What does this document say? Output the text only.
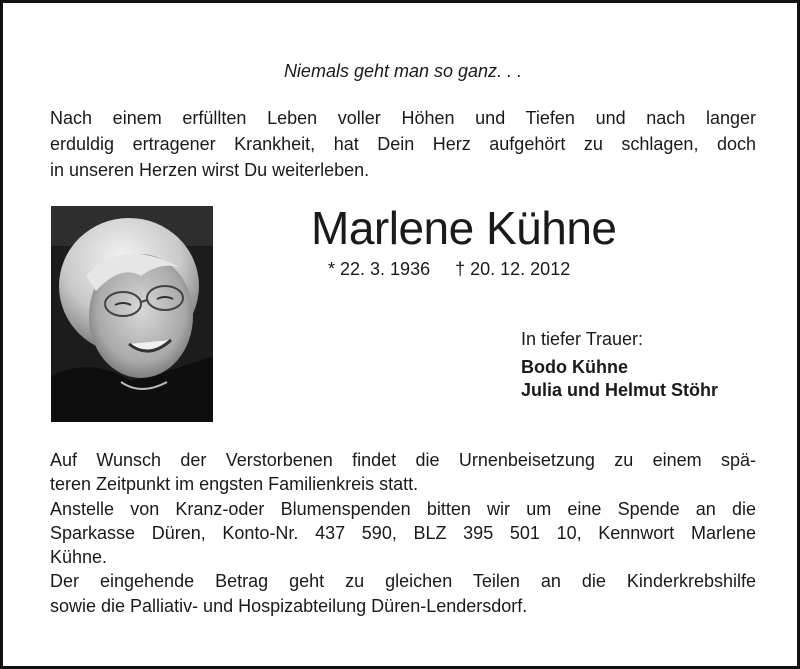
Niemals geht man so ganz. . .
Nach einem erfüllten Leben voller Höhen und Tiefen und nach langer
erduldig ertragener Krankheit, hat Dein Herz aufgehört zu schlagen, doch
in unseren Herzen wirst Du weiterleben.
Marlene Kühne
* 22. 3. 1936 † 20. 12. 2012
In tiefer Trauer:
Bodo Kühne
Julia und Helmut Stöhr
Auf Wunsch der Verstorbenen findet die Urnenbeisetzung zu einem spä-
teren Zeitpunkt im engsten Familienkreis statt.
Anstelle von Kranz-oder Blumenspenden bitten wir um eine Spende an die
Sparkasse Düren, Konto-Nr. 437 590, BLZ 395 501 10, Kennwort Marlene
Kühne.
Der eingehende Betrag geht zu gleichen Teilen an die Kinderkrebshilfe
sowie die Palliativ- und Hospizabteilung Düren-Lendersdorf.
